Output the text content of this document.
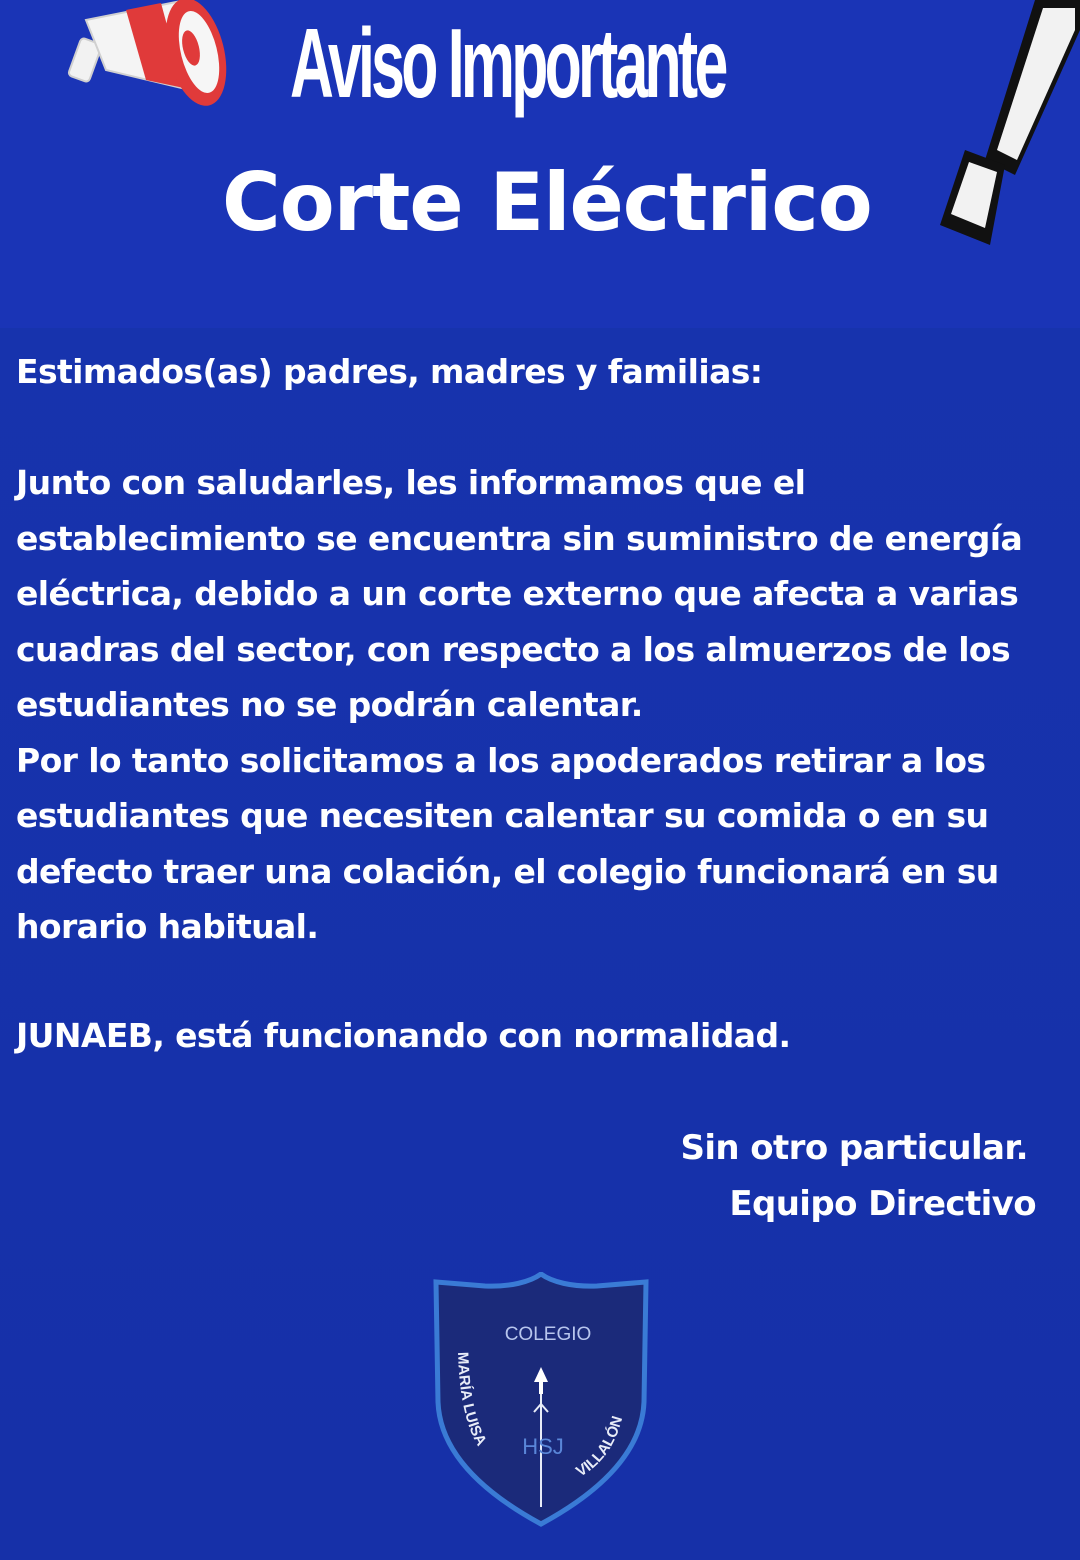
Aviso Importante
Corte Eléctrico

Estimados(as) padres, madres y familias:

Junto con saludarles, les informamos que el
establecimiento se encuentra sin suministro de energía
eléctrica, debido a un corte externo que afecta a varias
cuadras del sector, con respecto a los almuerzos de los
estudiantes no se podrán calentar.
Por lo tanto solicitamos a los apoderados retirar a los
estudiantes que necesiten calentar su comida o en su
defecto traer una colación, el colegio funcionará en su
horario habitual.

JUNAEB, está funcionando con normalidad.

Sin otro particular.
Equipo Directivo
COLEGIO
MARÍA LUISA
VILLALÓN
HSJ
